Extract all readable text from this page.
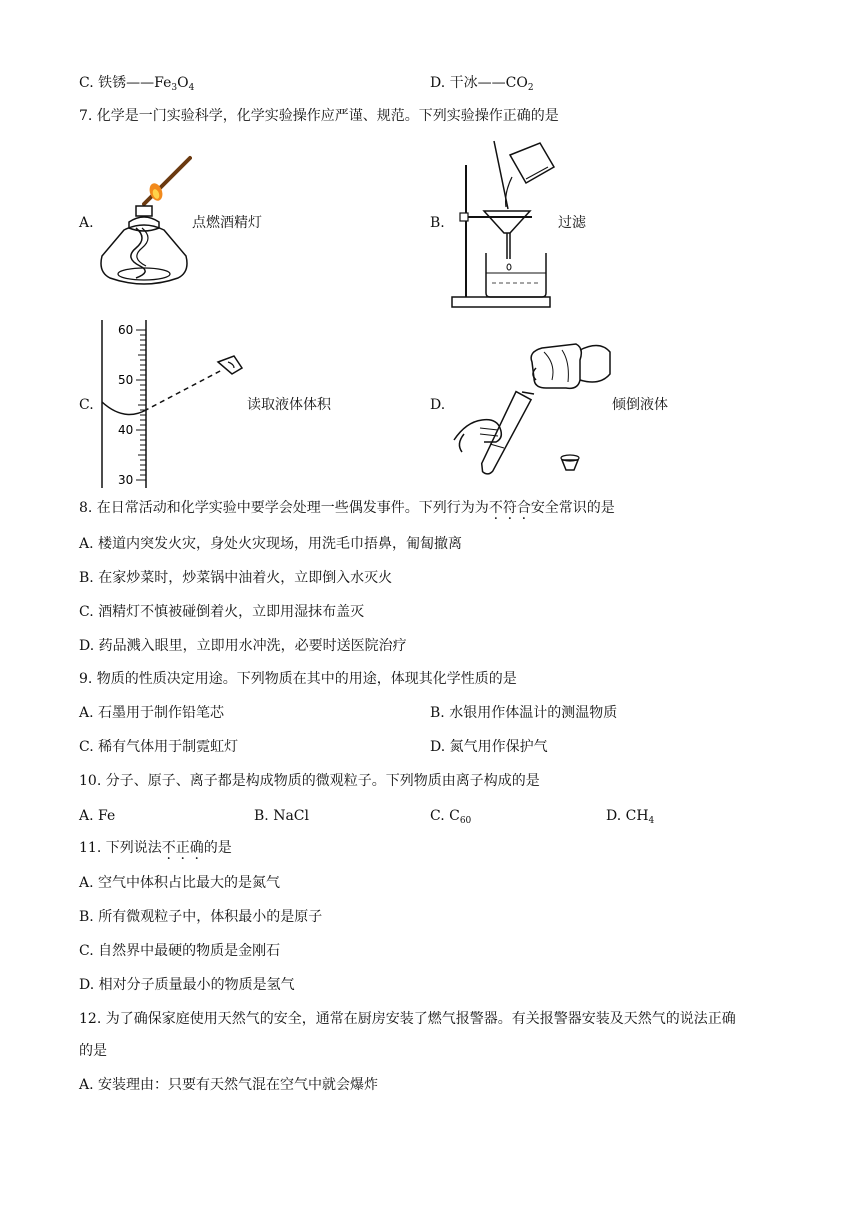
C. 铁锈$——Fe_3O_4$	D. 干冰$——CO_2$
7. 化学是一门实验科学，化学实验操作应严谨、规范。下列实验操作正确的是
A.	点燃酒精灯	B.	过滤
C.
60
50
40
30
读取液体体积	D.	倾倒液体
8. 在日常活动和化学实验中要学会处理一些偶发事件。下列行为为不符合安全常识的是
A. 楼道内突发火灾，身处火灾现场，用洗毛巾捂鼻，匍匐撤离
B. 在家炒菜时，炒菜锅中油着火，立即倒入水灭火
C. 酒精灯不慎被碰倒着火，立即用湿抹布盖灭
D. 药品溅入眼里，立即用水冲洗，必要时送医院治疗
9. 物质的性质决定用途。下列物质在其中的用途，体现其化学性质的是
A. 石墨用于制作铅笔芯	B. 水银用作体温计的测温物质
C. 稀有气体用于制霓虹灯	D. 氮气用作保护气
10. 分子、原子、离子都是构成物质的微观粒子。下列物质由离子构成的是
A. Fe	B. NaCl	C. $C_{60}$	D. $CH_4$
11. 下列说法不正确的是
A. 空气中体积占比最大的是氮气
B. 所有微观粒子中，体积最小的是原子
C. 自然界中最硬的物质是金刚石
D. 相对分子质量最小的物质是氢气
12. 为了确保家庭使用天然气的安全，通常在厨房安装了燃气报警器。有关报警器安装及天然气的说法正确
的是
A. 安装理由：只要有天然气混在空气中就会爆炸
